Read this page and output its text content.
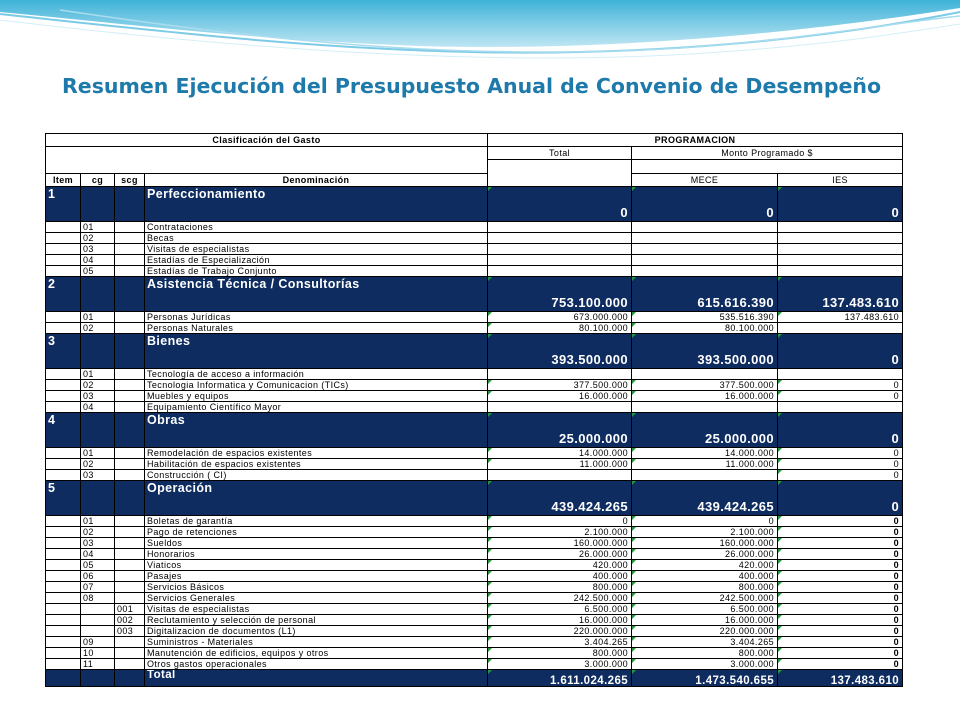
Resumen Ejecución del Presupuesto Anual de Convenio de Desempeño
Clasificación del Gasto				PROGRAMACION		
				Total	Monto Programado $	

Item	cg	scg	Denominación		MECE	IES
1			Perfeccionamiento	0	0	0
	01		Contrataciones			
	02		Becas			
	03		Visitas de especialistas			
	04		Estadías de Especialización			
	05		Estadías de Trabajo Conjunto			
2			Asistencia Técnica / Consultorías	753.100.000	615.616.390	137.483.610
	01		Personas Jurídicas	673.000.000	535.516.390	137.483.610
	02		Personas Naturales	80.100.000	80.100.000	
3			Bienes	393.500.000	393.500.000	0
	01		Tecnología de acceso a información			
	02		Tecnologia Informatica y Comunicacion (TICs)	377.500.000	377.500.000	0
	03		Muebles y equipos	16.000.000	16.000.000	0
	04		Equipamiento Científico Mayor			
4			Obras	25.000.000	25.000.000	0
	01		Remodelación de espacios existentes	14.000.000	14.000.000	0
	02		Habilitación de espacios existentes	11.000.000	11.000.000	0
	03		Construcción ( CI)			0
5			Operación	439.424.265	439.424.265	0
	01		Boletas de garantía	0	0	0
	02		Pago de retenciones	2.100.000	2.100.000	0
	03		Sueldos	160.000.000	160.000.000	0
	04		Honorarios	26.000.000	26.000.000	0
	05		Viaticos	420.000	420.000	0
	06		Pasajes	400.000	400.000	0
	07		Servicios Básicos	800.000	800.000	0
	08		Servicios Generales	242.500.000	242.500.000	0
		001	Visitas de especialistas	6.500.000	6.500.000	0
		002	Reclutamiento y selección de personal	16.000.000	16.000.000	0
		003	Digitalizacion de documentos (L1)	220.000.000	220.000.000	0
	09		Suministros - Materiales	3.404.265	3.404.265	0
	10		Manutención de edificios, equipos y otros	800.000	800.000	0
	11		Otros gastos operacionales	3.000.000	3.000.000	0
			Total	1.611.024.265	1.473.540.655	137.483.610
